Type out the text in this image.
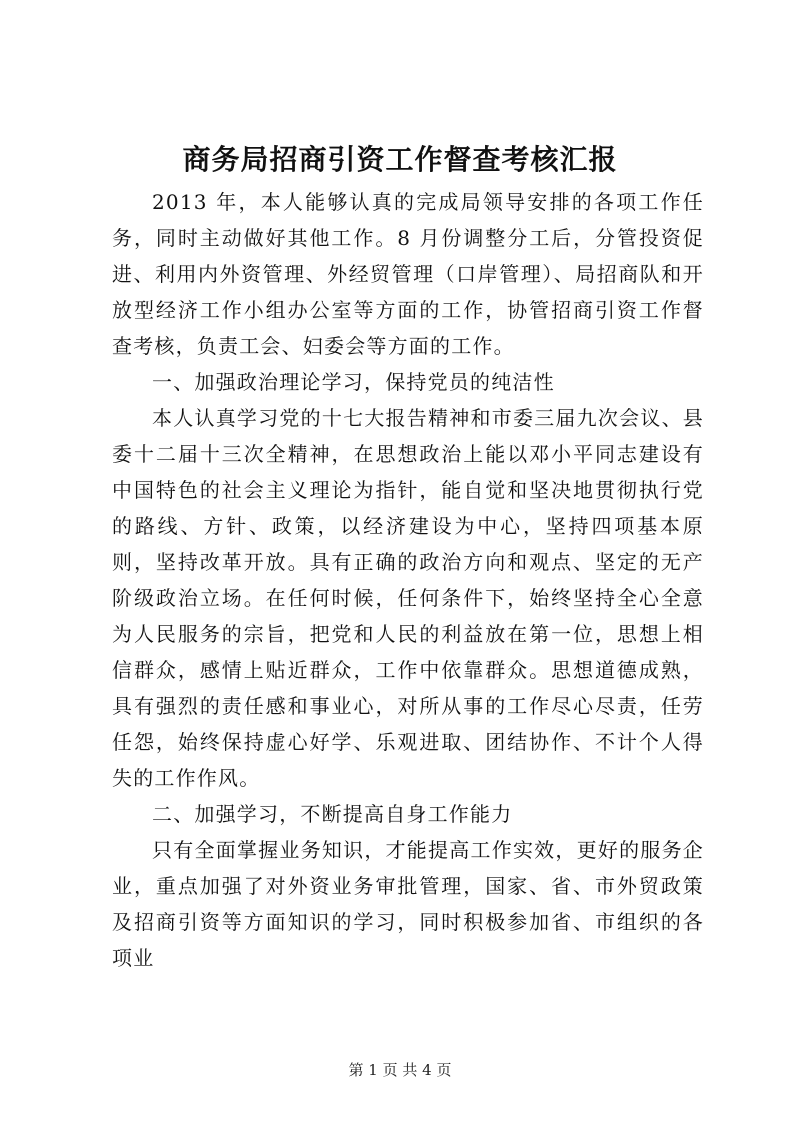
商务局招商引资工作督查考核汇报

2013 年，本人能够认真的完成局领导安排的各项工作任务，同时主动做好其他工作。8 月份调整分工后，分管投资促进、利用内外资管理、外经贸管理（口岸管理）、局招商队和开放型经济工作小组办公室等方面的工作，协管招商引资工作督查考核，负责工会、妇委会等方面的工作。

一、加强政治理论学习，保持党员的纯洁性

本人认真学习党的十七大报告精神和市委三届九次会议、县委十二届十三次全精神，在思想政治上能以邓小平同志建设有中国特色的社会主义理论为指针，能自觉和坚决地贯彻执行党的路线、方针、政策，以经济建设为中心，坚持四项基本原则，坚持改革开放。具有正确的政治方向和观点、坚定的无产阶级政治立场。在任何时候，任何条件下，始终坚持全心全意为人民服务的宗旨，把党和人民的利益放在第一位，思想上相信群众，感情上贴近群众，工作中依靠群众。思想道德成熟，具有强烈的责任感和事业心，对所从事的工作尽心尽责，任劳任怨，始终保持虚心好学、乐观进取、团结协作、不计个人得失的工作作风。

二、加强学习，不断提高自身工作能力

只有全面掌握业务知识，才能提高工作实效，更好的服务企业，重点加强了对外资业务审批管理，国家、省、市外贸政策及招商引资等方面知识的学习，同时积极参加省、市组织的各项业

第 1 页 共 4 页
